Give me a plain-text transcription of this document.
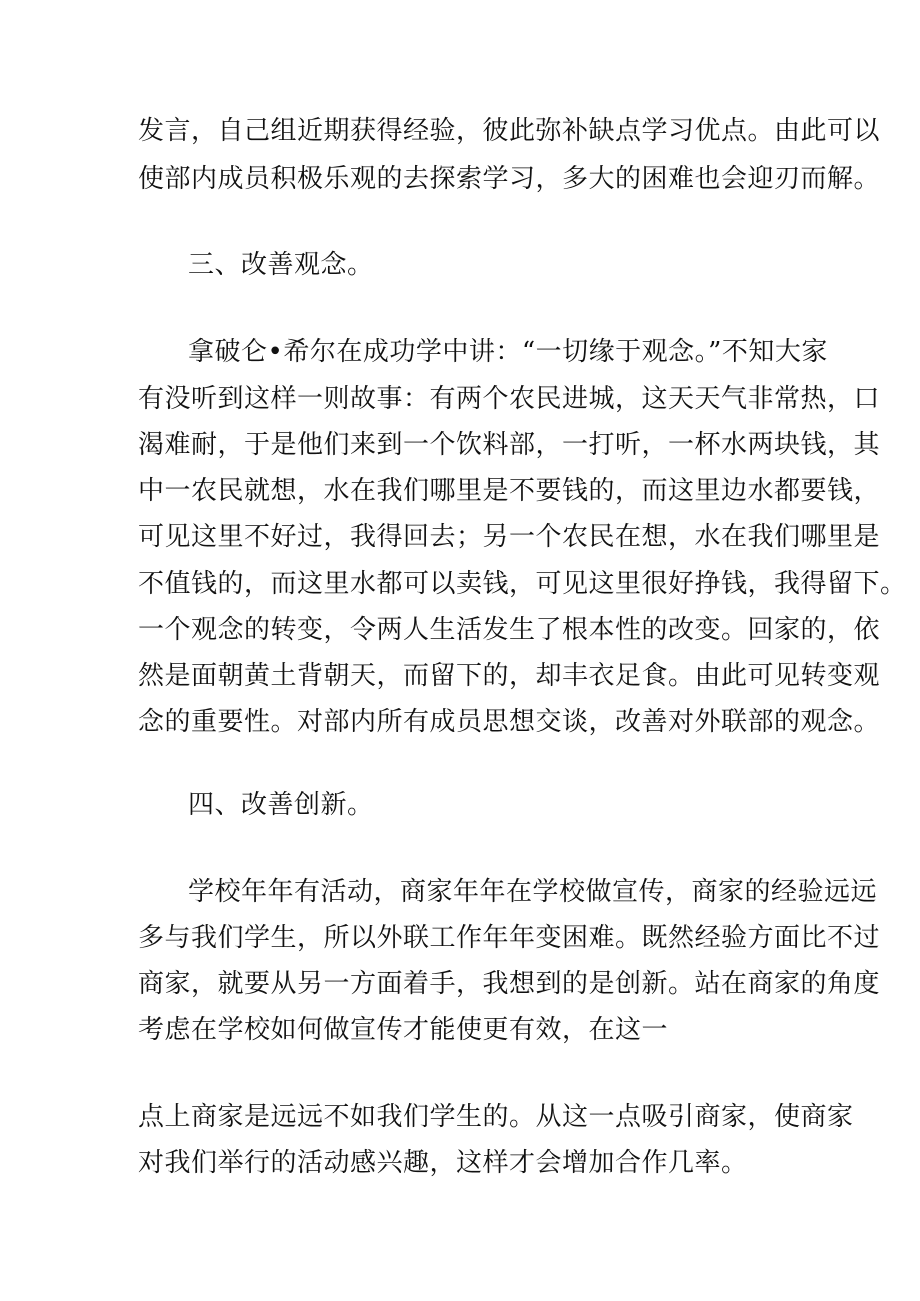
发言，自己组近期获得经验，彼此弥补缺点学习优点。由此可以
使部内成员积极乐观的去探索学习，多大的困难也会迎刃而解。
三、改善观念。
拿破仑•希尔在成功学中讲：“一切缘于观念。”不知大家
有没听到这样一则故事：有两个农民进城，这天天气非常热，口
渴难耐，于是他们来到一个饮料部，一打听，一杯水两块钱，其
中一农民就想，水在我们哪里是不要钱的，而这里边水都要钱，
可见这里不好过，我得回去；另一个农民在想，水在我们哪里是
不值钱的，而这里水都可以卖钱，可见这里很好挣钱，我得留下。
一个观念的转变，令两人生活发生了根本性的改变。回家的，依
然是面朝黄土背朝天，而留下的，却丰衣足食。由此可见转变观
念的重要性。对部内所有成员思想交谈，改善对外联部的观念。
四、改善创新。
学校年年有活动，商家年年在学校做宣传，商家的经验远远
多与我们学生，所以外联工作年年变困难。既然经验方面比不过
商家，就要从另一方面着手，我想到的是创新。站在商家的角度
考虑在学校如何做宣传才能使更有效，在这一
点上商家是远远不如我们学生的。从这一点吸引商家，使商家
对我们举行的活动感兴趣，这样才会增加合作几率。
